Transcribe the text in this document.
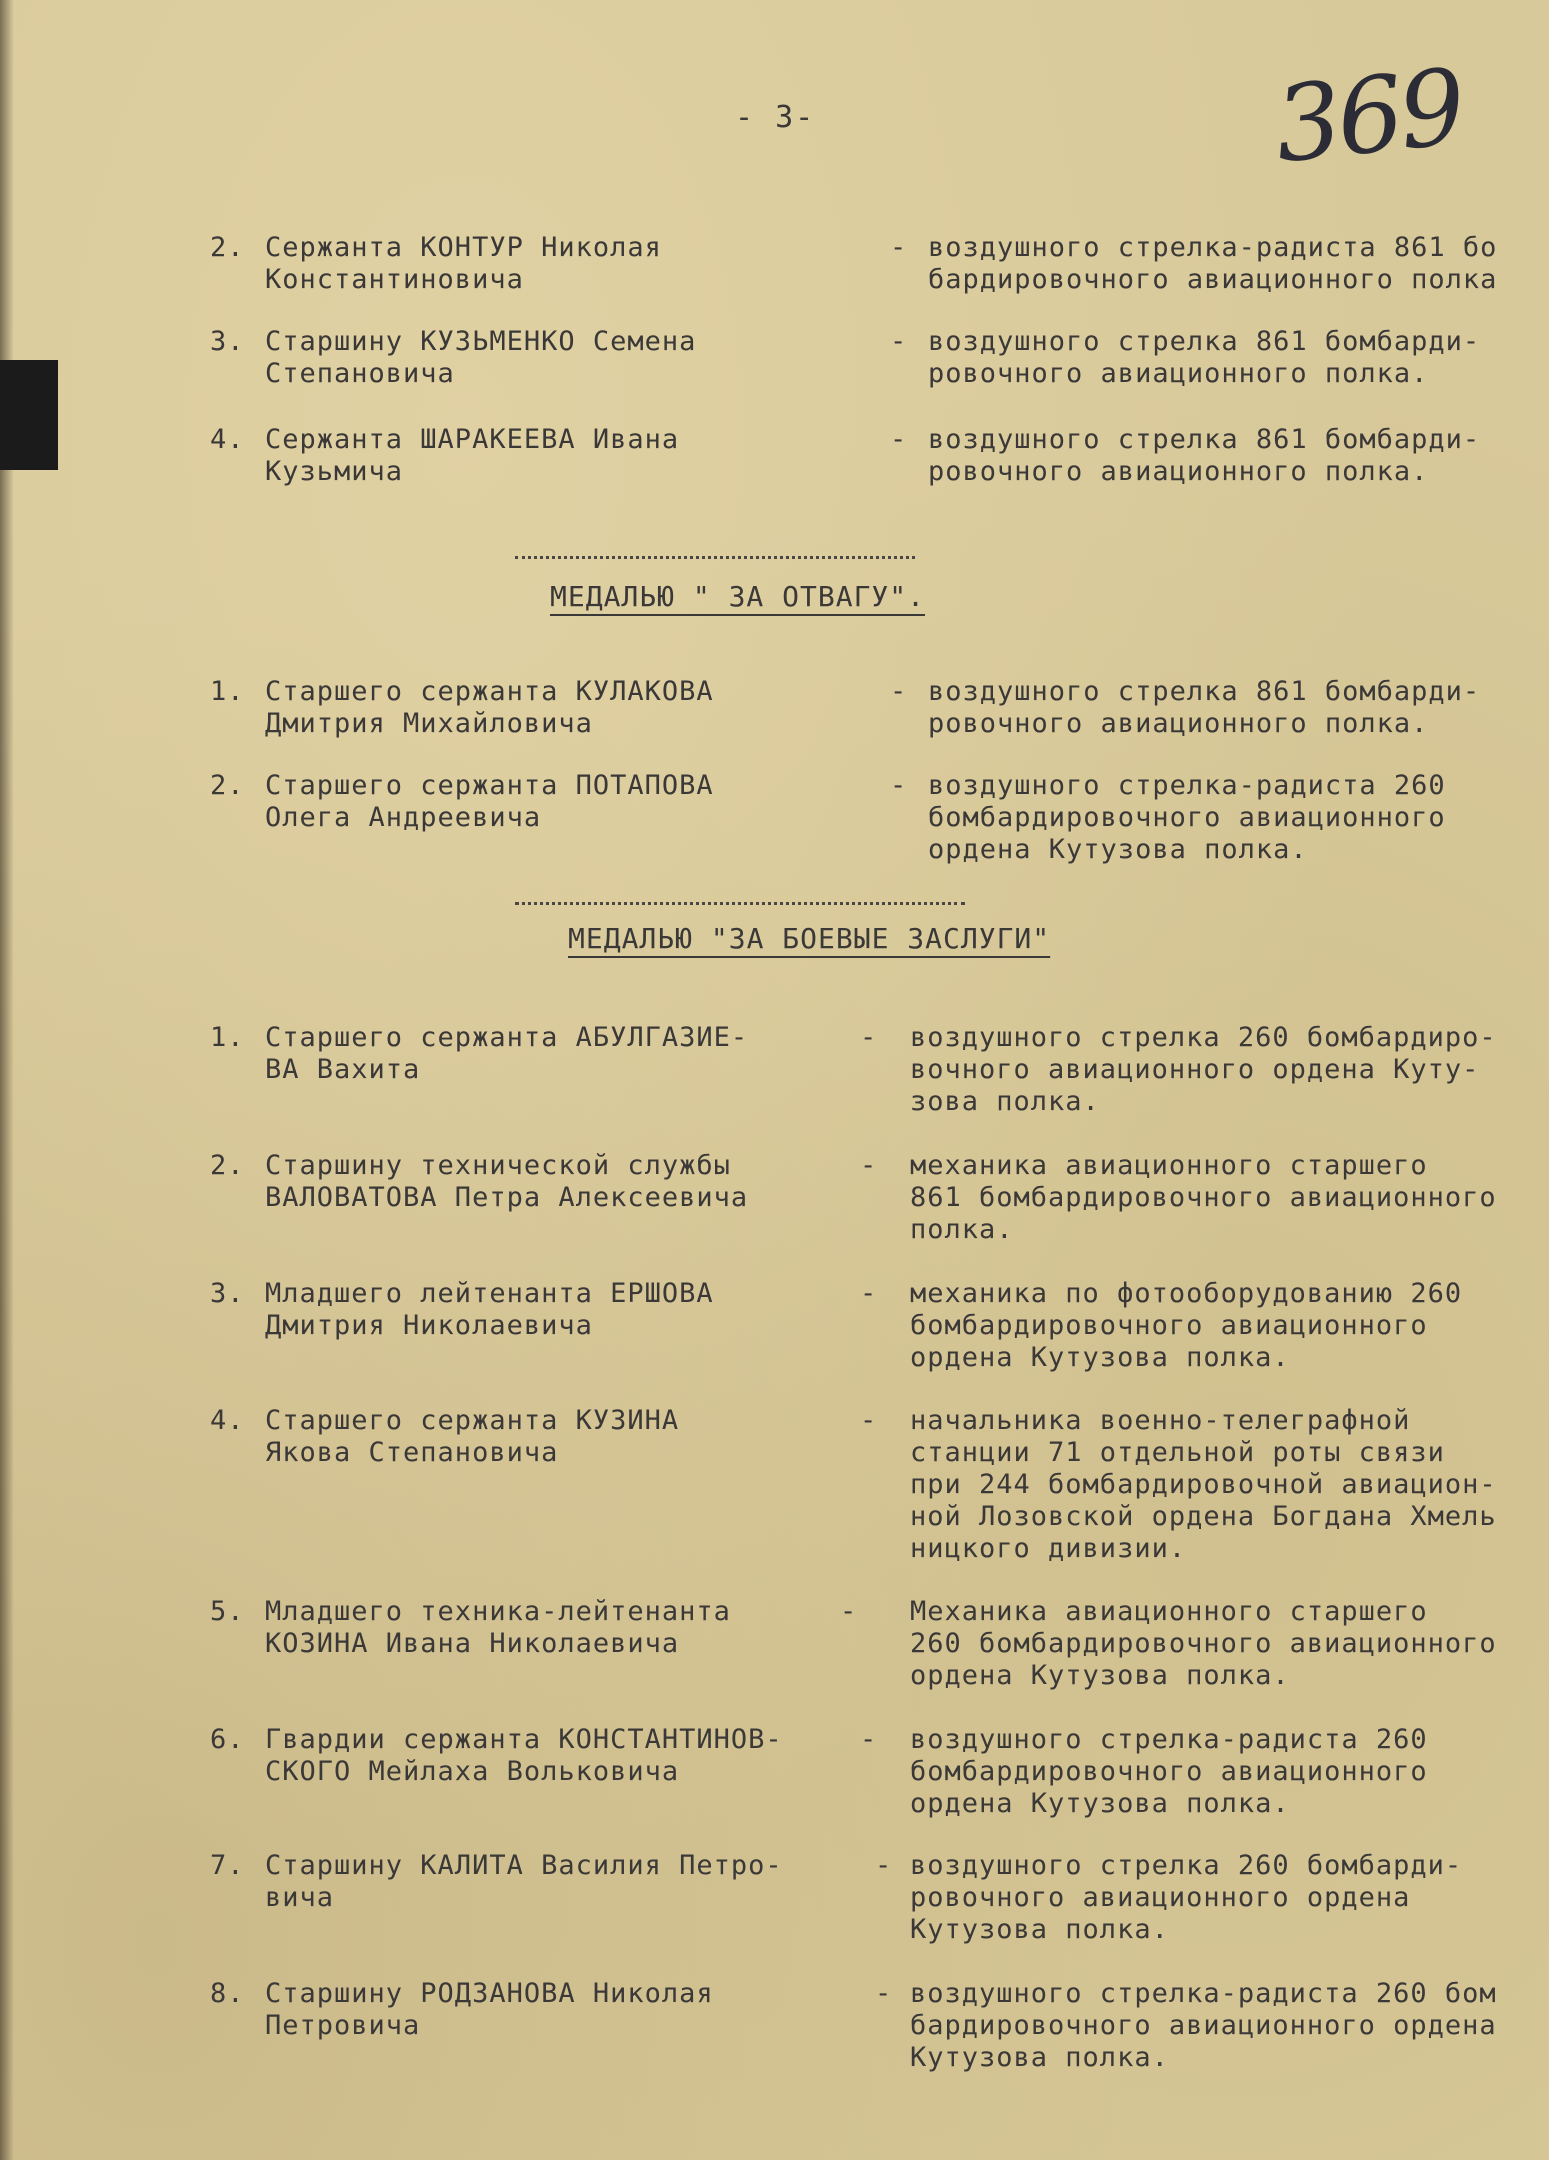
- 3-	369
2. Сержанта КОНТУР Николая
Константиновича
- воздушного стрелка-радиста 861 бо
бардировочного авиационного полка
3. Старшину КУЗЬМЕНКО Семена
Степановича
- воздушного стрелка 861 бомбарди-
ровочного авиационного полка.
4. Сержанта ШАРАКЕЕВА Ивана
Кузьмича
- воздушного стрелка 861 бомбарди-
ровочного авиационного полка.
МЕДАЛЬЮ " ЗА ОТВАГУ".
1. Старшего сержанта КУЛАКОВА
Дмитрия Михайловича
- воздушного стрелка 861 бомбарди-
ровочного авиационного полка.
2. Старшего сержанта ПОТАПОВА
Олега Андреевича
- воздушного стрелка-радиста 260
бомбардировочного авиационного
ордена Кутузова полка.
МЕДАЛЬЮ "ЗА БОЕВЫЕ ЗАСЛУГИ"
1. Старшего сержанта АБУЛГАЗИЕ-
ВА Вахита
- воздушного стрелка 260 бомбардиро-
вочного авиационного ордена Куту-
зова полка.
2. Старшину технической службы
ВАЛОВАТОВА Петра Алексеевича
- механика авиационного старшего
861 бомбардировочного авиационного
полка.
3. Младшего лейтенанта ЕРШОВА
Дмитрия Николаевича
- механика по фотооборудованию 260
бомбардировочного авиационного
ордена Кутузова полка.
4. Старшего сержанта КУЗИНА
Якова Степановича
- начальника военно-телеграфной
станции 71 отдельной роты связи
при 244 бомбардировочной авиацион-
ной Лозовской ордена Богдана Хмель
ницкого дивизии.
5. Младшего техника-лейтенанта
КОЗИНА Ивана Николаевича
- Механика авиационного старшего
260 бомбардировочного авиационного
ордена Кутузова полка.
6. Гвардии сержанта КОНСТАНТИНОВ-
СКОГО Мейлаха Вольковича
- воздушного стрелка-радиста 260
бомбардировочного авиационного
ордена Кутузова полка.
7. Старшину КАЛИТА Василия Петро-
вича
- воздушного стрелка 260 бомбарди-
ровочного авиационного ордена
Кутузова полка.
8. Старшину РОДЗАНОВА Николая
Петровича
- воздушного стрелка-радиста 260 бом
бардировочного авиационного ордена
Кутузова полка.
